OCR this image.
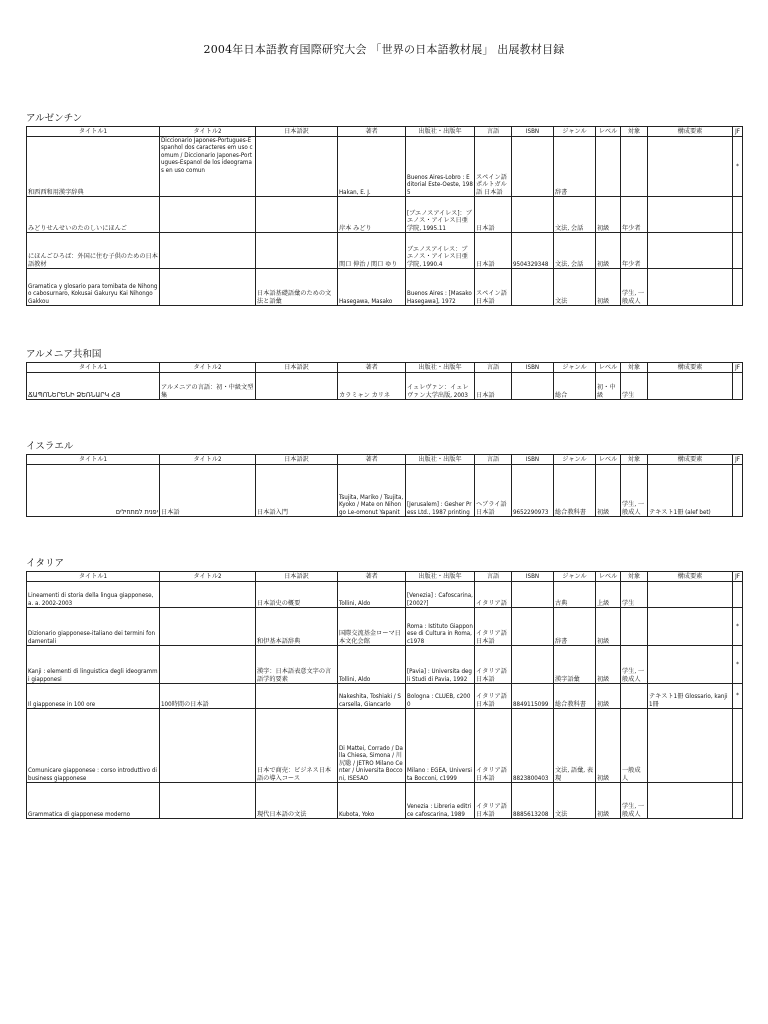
2004年日本語教育国際研究大会 「世界の日本語教材展」 出展教材目録
アルゼンチン
タイトル1	タイトル2	日本語訳	著者	出版社・出版年	言語	ISBN	ジャンル	レベル	対象	構成要素	JF
和西西和用漢字辞典	Diccionario Japones-Portugues-Espanhol dos caracteres em uso comum / Diccionario Japones-Portugues-Espanol de los ideogramas en uso comun		Hakan, E. J.	Buenos Aires-Lobro : Editorial Este-Oeste, 1985	スペイン語 ポルトガル語 日本語		辞書				*
みどりせんせいのたのしいにほんご			岸本 みどり	[ブエノスアイレス]：ブエノス・アイレス日亜学院, 1995.11	日本語		文法, 会話	初級	年少者		
にほんごひろば：外国に住む子供のための日本語教材			関口 伸治 / 関口 ゆり	ブエノスアイレス：ブエノス・アイレス日亜学院, 1990.4	日本語	9504329348	文法, 会話	初級	年少者		
Gramatica y glosario para tomibata de Nihongo cabosurnaro, Kokusai Gakuryu Kai Nihongo Gakkou		日本語基礎語彙のための文法と語彙	Hasegawa, Masako	Buenos Aires : [Masako Hasegawa], 1972	スペイン語 日本語		文法	初級	学生, 一般成人		
アルメニア共和国
タイトル1	タイトル2	日本語訳	著者	出版社・出版年	言語	ISBN	ジャンル	レベル	対象	構成要素	JF
ՃԱՊՈՆԵՐԵՆԻ ՁԵՌՆԱՐԿ ՀՅ	アルメニアの言語：初・中級文型集		カラミャン カリネ	イェレヴァン：イェレヴァン大学出版, 2003	日本語		総合	初・中級	学生		
イスラエル
タイトル1	タイトル2	日本語訳	著者	出版社・出版年	言語	ISBN	ジャンル	レベル	対象	構成要素	JF
יפנית למתחילים	日本語	日本語入門	Tsujita, Mariko / Tsujita, Kyoko / Mate on Nihongo Le-omonut Yapanit	[Jerusalem] : Gesher Press Ltd., 1987 printing	ヘブライ語 日本語	9652290973	総合教科書	初級	学生, 一般成人	テキスト1冊 (alef bet)	
イタリア
タイトル1	タイトル2	日本語訳	著者	出版社・出版年	言語	ISBN	ジャンル	レベル	対象	構成要素	JF
Lineamenti di storia della lingua giapponese, a. a. 2002-2003		日本語史の概要	Tollini, Aldo	[Venezia] : Cafoscarina, [2002?]	イタリア語		古典	上級	学生		
Dizionario giapponese-italiano dei termini fondamentali		和伊基本語辞典	国際交流基金ローマ日本文化会館	Roma : Istituto Giapponese di Cultura in Roma, c1978	イタリア語 日本語		辞書	初級			*
Kanji : elementi di linguistica degli ideogrammi giapponesi		漢字：日本語表意文字の言語学的要素	Tollini, Aldo	[Pavia] : Universita degli Studi di Pavia, 1992	イタリア語 日本語		漢字語彙	初級	学生, 一般成人		*
Il giapponese in 100 ore	100時間の日本語		Nakeshita, Toshiaki / Scarsella, Giancarlo	Bologna : CLUEB, c2000	イタリア語 日本語	8849115099	総合教科書	初級		テキスト1冊 Glossario, kanji 1冊	*
Comunicare giapponese : corso introduttivo di business giapponese		日本で商売：ビジネス日本語の導入コース	Di Mattei, Corrado / Dalla Chiesa, Simona / 川尻聡 / JETRO Milano Center / Universita Bocconi, ISESAO	Milano : EGEA, Universita Bocconi, c1999	イタリア語 日本語	8823800403	文法, 語彙, 表現	初級	一般成人		
Grammatica di giapponese moderno		現代日本語の文法	Kubota, Yoko	Venezia : Libreria editrice cafoscarina, 1989	イタリア語 日本語	8885613208	文法	初級	学生, 一般成人		
